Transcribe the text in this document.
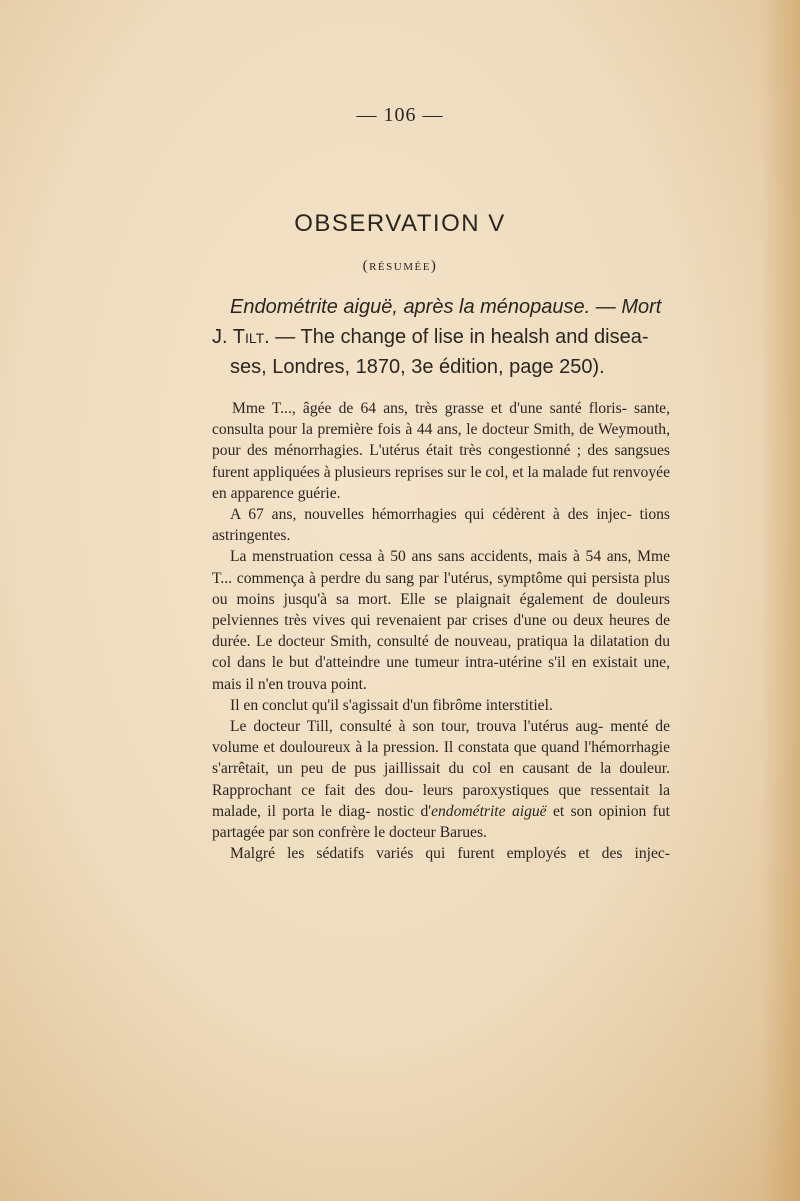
— 106 —
OBSERVATION V
(résumée)
Endométrite aiguë, après la ménopause. — Mort
J. Tilt. — The change of lise in healsh and disea-
ses, Londres, 1870, 3e édition, page 250).

Mme T..., âgée de 64 ans, très grasse et d'une santé floris- sante, consulta pour la première fois à 44 ans, le docteur Smith, de Weymouth, pour des ménorrhagies. L'utérus était très congestionné ; des sangsues furent appliquées à plusieurs reprises sur le col, et la malade fut renvoyée en apparence guérie.

A 67 ans, nouvelles hémorrhagies qui cédèrent à des injec- tions astringentes.

La menstruation cessa à 50 ans sans accidents, mais à 54 ans, Mme T... commença à perdre du sang par l'utérus, symptôme qui persista plus ou moins jusqu'à sa mort. Elle se plaignait également de douleurs pelviennes très vives qui revenaient par crises d'une ou deux heures de durée. Le docteur Smith, consulté de nouveau, pratiqua la dilatation du col dans le but d'atteindre une tumeur intra-utérine s'il en existait une, mais il n'en trouva point.

Il en conclut qu'il s'agissait d'un fibrôme interstitiel.

Le docteur Till, consulté à son tour, trouva l'utérus aug- menté de volume et douloureux à la pression. Il constata que quand l'hémorrhagie s'arrêtait, un peu de pus jaillissait du col en causant de la douleur. Rapprochant ce fait des dou- leurs paroxystiques que ressentait la malade, il porta le diag- nostic d'endométrite aiguë et son opinion fut partagée par son confrère le docteur Barues.

Malgré les sédatifs variés qui furent employés et des injec-
